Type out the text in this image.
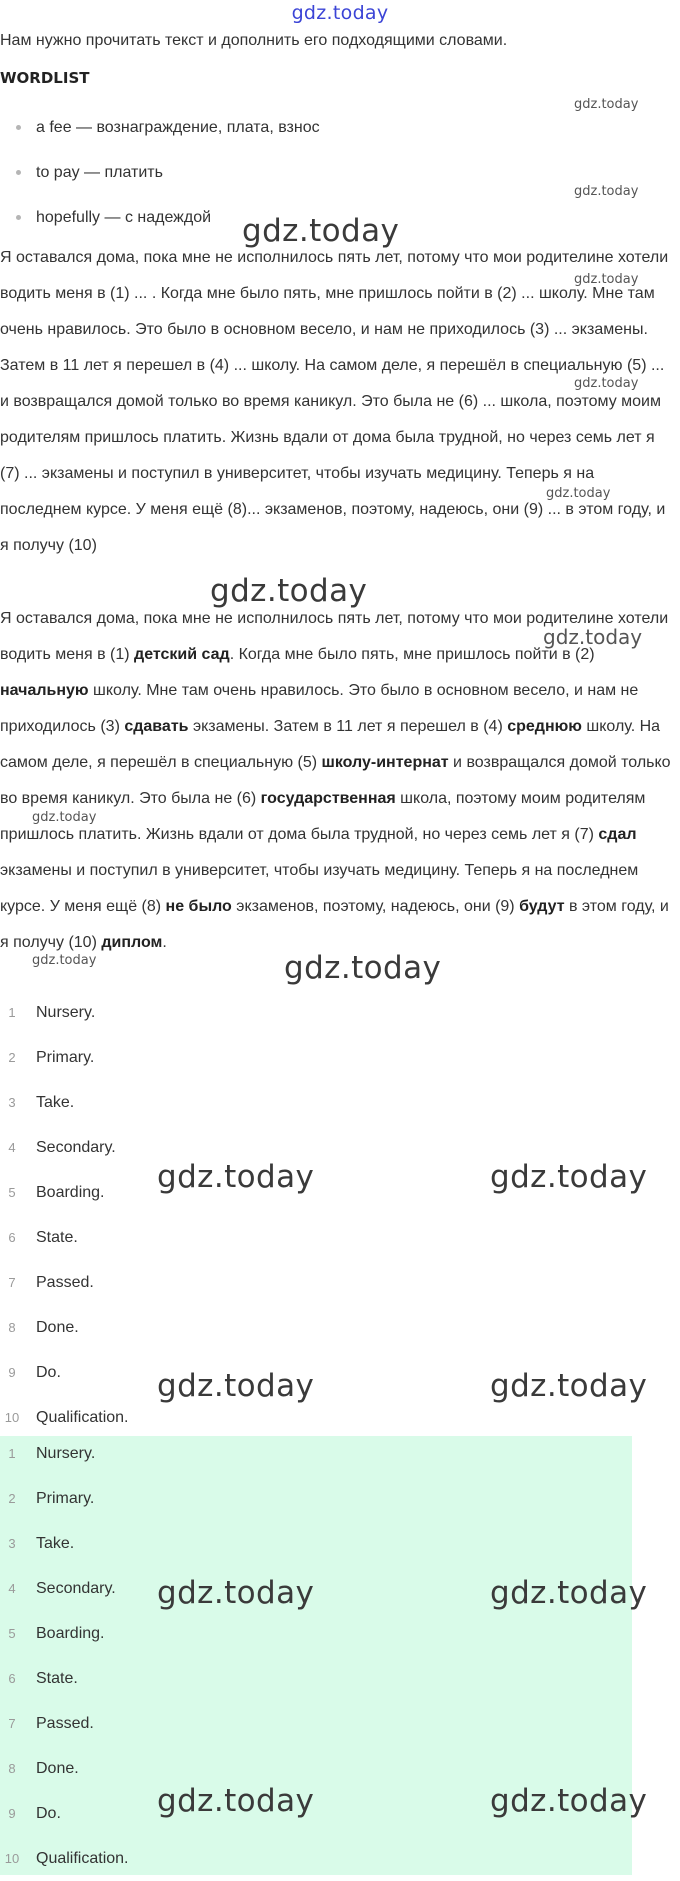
gdz.today

Нам нужно прочитать текст и дополнить его подходящими словами.

WORDLIST
a fee — вознаграждение, плата, взнос
to pay — платить
hopefully — с надеждой

Я оставался дома, пока мне не исполнилось пять лет, потому что мои родителине хотели водить меня в (1) ... . Когда мне было пять, мне пришлось пойти в (2) ... школу. Мне там очень нравилось. Это было в основном весело, и нам не приходилось (3) ... экзамены. Затем в 11 лет я перешел в (4) ... школу. На самом деле, я перешёл в специальную (5) ... и возвращался домой только во время каникул. Это была не (6) ... школа, поэтому моим родителям пришлось платить. Жизнь вдали от дома была трудной, но через семь лет я (7) ... экзамены и поступил в университет, чтобы изучать медицину. Теперь я на последнем курсе. У меня ещё (8)... экзаменов, поэтому, надеюсь, они (9) ... в этом году, и я получу (10)

Я оставался дома, пока мне не исполнилось пять лет, потому что мои родителине хотели водить меня в (1) детский сад. Когда мне было пять, мне пришлось пойти в (2) начальную школу. Мне там очень нравилось. Это было в основном весело, и нам не приходилось (3) сдавать экзамены. Затем в 11 лет я перешел в (4) среднюю школу. На самом деле, я перешёл в специальную (5) школу-интернат и возвращался домой только во время каникул. Это была не (6) государственная школа, поэтому моим родителям пришлось платить. Жизнь вдали от дома была трудной, но через семь лет я (7) сдал экзамены и поступил в университет, чтобы изучать медицину. Теперь я на последнем курсе. У меня ещё (8) не было экзаменов, поэтому, надеюсь, они (9) будут в этом году, и я получу (10) диплом.

1	Nursery.
2	Primary.
3	Take.
4	Secondary.
5	Boarding.
6	State.
7	Passed.
8	Done.
9	Do.
10 Qualification.
1	Nursery.
2	Primary.
3	Take.
4	Secondary.
5	Boarding.
6	State.
7	Passed.
8	Done.
9	Do.
10 Qualification.
gdz.today
gdz.today
gdz.today
gdz.today
gdz.today
gdz.today
gdz.today
gdz.today
gdz.today
gdz.today	gdz.today
gdz.today	gdz.today
gdz.today	gdz.today
gdz.today	gdz.today
gdz.today	gdz.today
